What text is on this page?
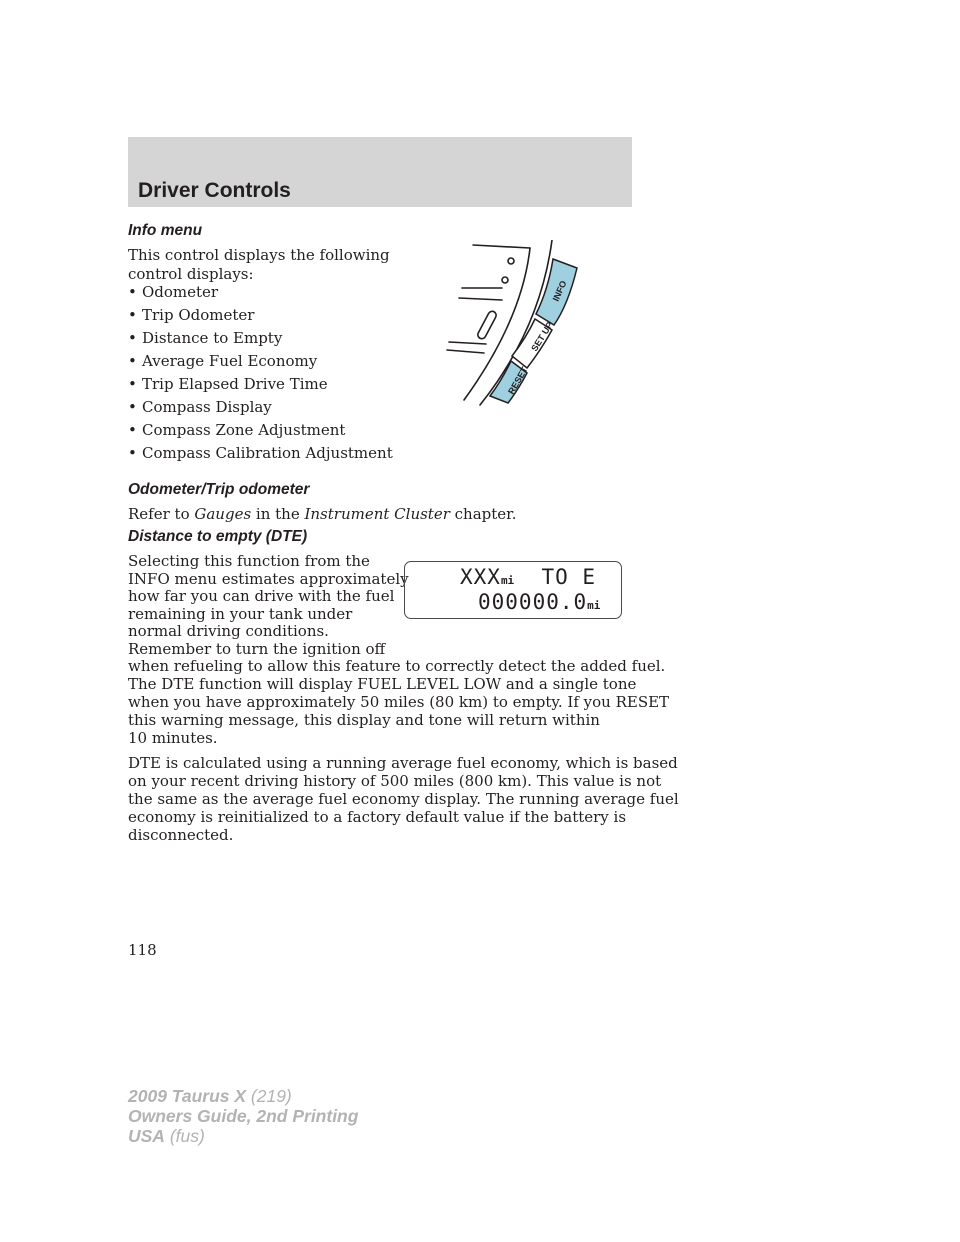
Driver Controls
Info menu
This control displays the following
control displays:
• Odometer
• Trip Odometer
• Distance to Empty
• Average Fuel Economy
• Trip Elapsed Drive Time
• Compass Display
• Compass Zone Adjustment
• Compass Calibration Adjustment
INFO
SET UP
RESET
Odometer/Trip odometer
Refer to Gauges in the Instrument Cluster chapter.
Distance to empty (DTE)
Selecting this function from the
INFO menu estimates approximately
how far you can drive with the fuel
remaining in your tank under
normal driving conditions.
Remember to turn the ignition off
when refueling to allow this feature to correctly detect the added fuel.
XXXmi TO E
000000.0mi
The DTE function will display FUEL LEVEL LOW and a single tone
when you have approximately 50 miles (80 km) to empty. If you RESET
this warning message, this display and tone will return within
10 minutes.
DTE is calculated using a running average fuel economy, which is based
on your recent driving history of 500 miles (800 km). This value is not
the same as the average fuel economy display. The running average fuel
economy is reinitialized to a factory default value if the battery is
disconnected.
118
2009 Taurus X (219)
Owners Guide, 2nd Printing
USA (fus)
